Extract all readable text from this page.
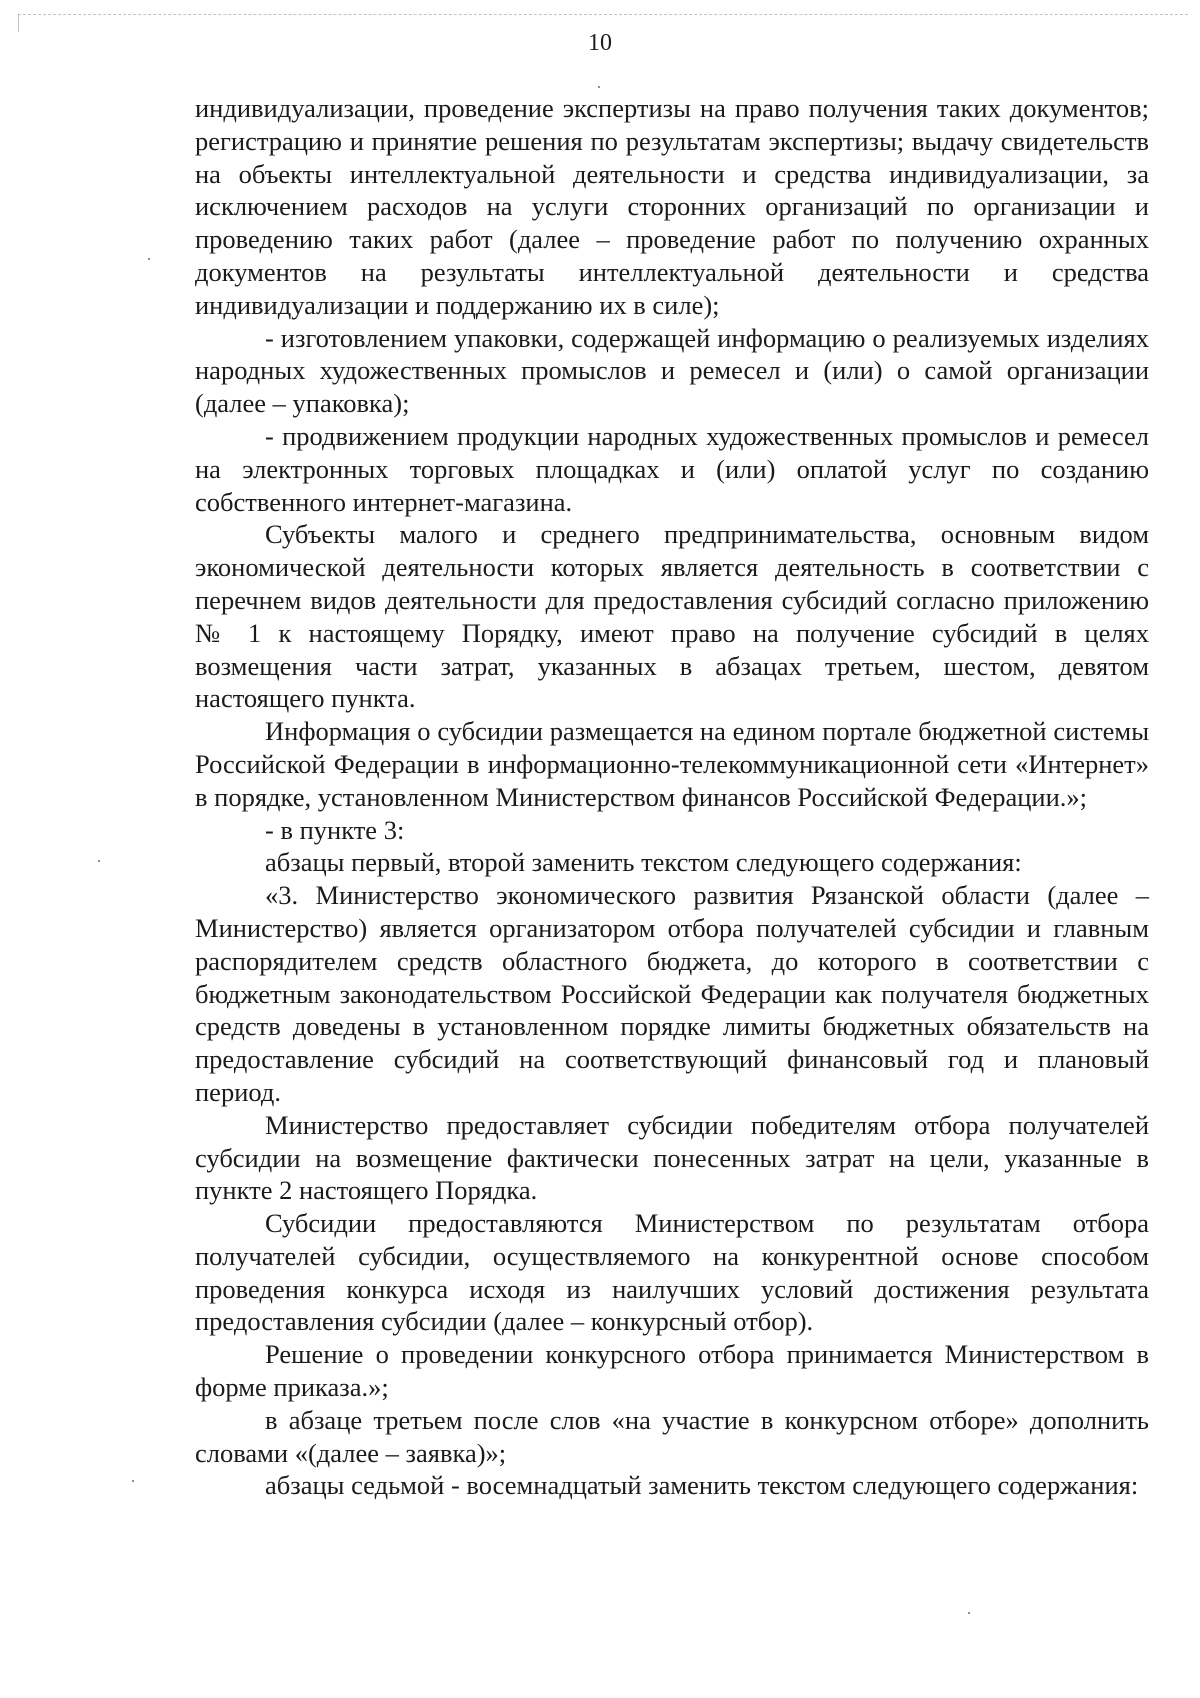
10

индивидуализации, проведение экспертизы на право получения таких документов; регистрацию и принятие решения по результатам экспертизы; выдачу свидетельств на объекты интеллектуальной деятельности и средства индивидуализации, за исключением расходов на услуги сторонних организаций по организации и проведению таких работ (далее – проведение работ по получению охранных документов на результаты интеллектуальной деятельности и средства индивидуализации и поддержанию их в силе);

- изготовлением упаковки, содержащей информацию о реализуемых изделиях народных художественных промыслов и ремесел и (или) о самой организации (далее – упаковка);

- продвижением продукции народных художественных промыслов и ремесел на электронных торговых площадках и (или) оплатой услуг по созданию собственного интернет-магазина.

Субъекты малого и среднего предпринимательства, основным видом экономической деятельности которых является деятельность в соответствии с перечнем видов деятельности для предоставления субсидий согласно приложению № 1 к настоящему Порядку, имеют право на получение субсидий в целях возмещения части затрат, указанных в абзацах третьем, шестом, девятом настоящего пункта.

Информация о субсидии размещается на едином портале бюджетной системы Российской Федерации в информационно-телекоммуникационной сети «Интернет» в порядке, установленном Министерством финансов Российской Федерации.»;

- в пункте 3:

абзацы первый, второй заменить текстом следующего содержания:

«3. Министерство экономического развития Рязанской области (далее – Министерство) является организатором отбора получателей субсидии и главным распорядителем средств областного бюджета, до которого в соответствии с бюджетным законодательством Российской Федерации как получателя бюджетных средств доведены в установленном порядке лимиты бюджетных обязательств на предоставление субсидий на соответствующий финансовый год и плановый период.

Министерство предоставляет субсидии победителям отбора получателей субсидии на возмещение фактически понесенных затрат на цели, указанные в пункте 2 настоящего Порядка.

Субсидии предоставляются Министерством по результатам отбора получателей субсидии, осуществляемого на конкурентной основе способом проведения конкурса исходя из наилучших условий достижения результата предоставления субсидии (далее – конкурсный отбор).

Решение о проведении конкурсного отбора принимается Министерством в форме приказа.»;

в абзаце третьем после слов «на участие в конкурсном отборе» дополнить словами «(далее – заявка)»;

абзацы седьмой - восемнадцатый заменить текстом следующего содержания:
